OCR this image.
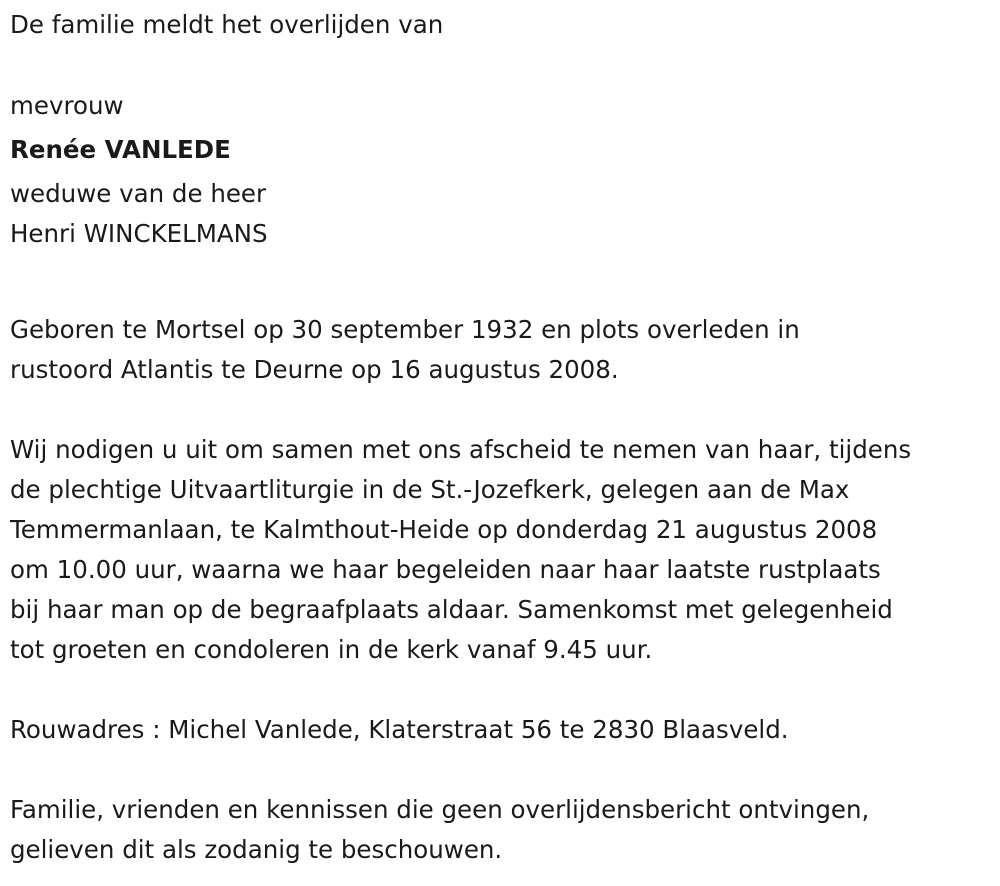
De familie meldt het overlijden van
mevrouw
Renée VANLEDE
weduwe van de heer
Henri WINCKELMANS
Geboren te Mortsel op 30 september 1932 en plots overleden in
rustoord Atlantis te Deurne op 16 augustus 2008.
Wij nodigen u uit om samen met ons afscheid te nemen van haar, tijdens
de plechtige Uitvaartliturgie in de St.-Jozefkerk, gelegen aan de Max
Temmermanlaan, te Kalmthout-Heide op donderdag 21 augustus 2008
om 10.00 uur, waarna we haar begeleiden naar haar laatste rustplaats
bij haar man op de begraafplaats aldaar. Samenkomst met gelegenheid
tot groeten en condoleren in de kerk vanaf 9.45 uur.
Rouwadres : Michel Vanlede, Klaterstraat 56 te 2830 Blaasveld.
Familie, vrienden en kennissen die geen overlijdensbericht ontvingen,
gelieven dit als zodanig te beschouwen.
